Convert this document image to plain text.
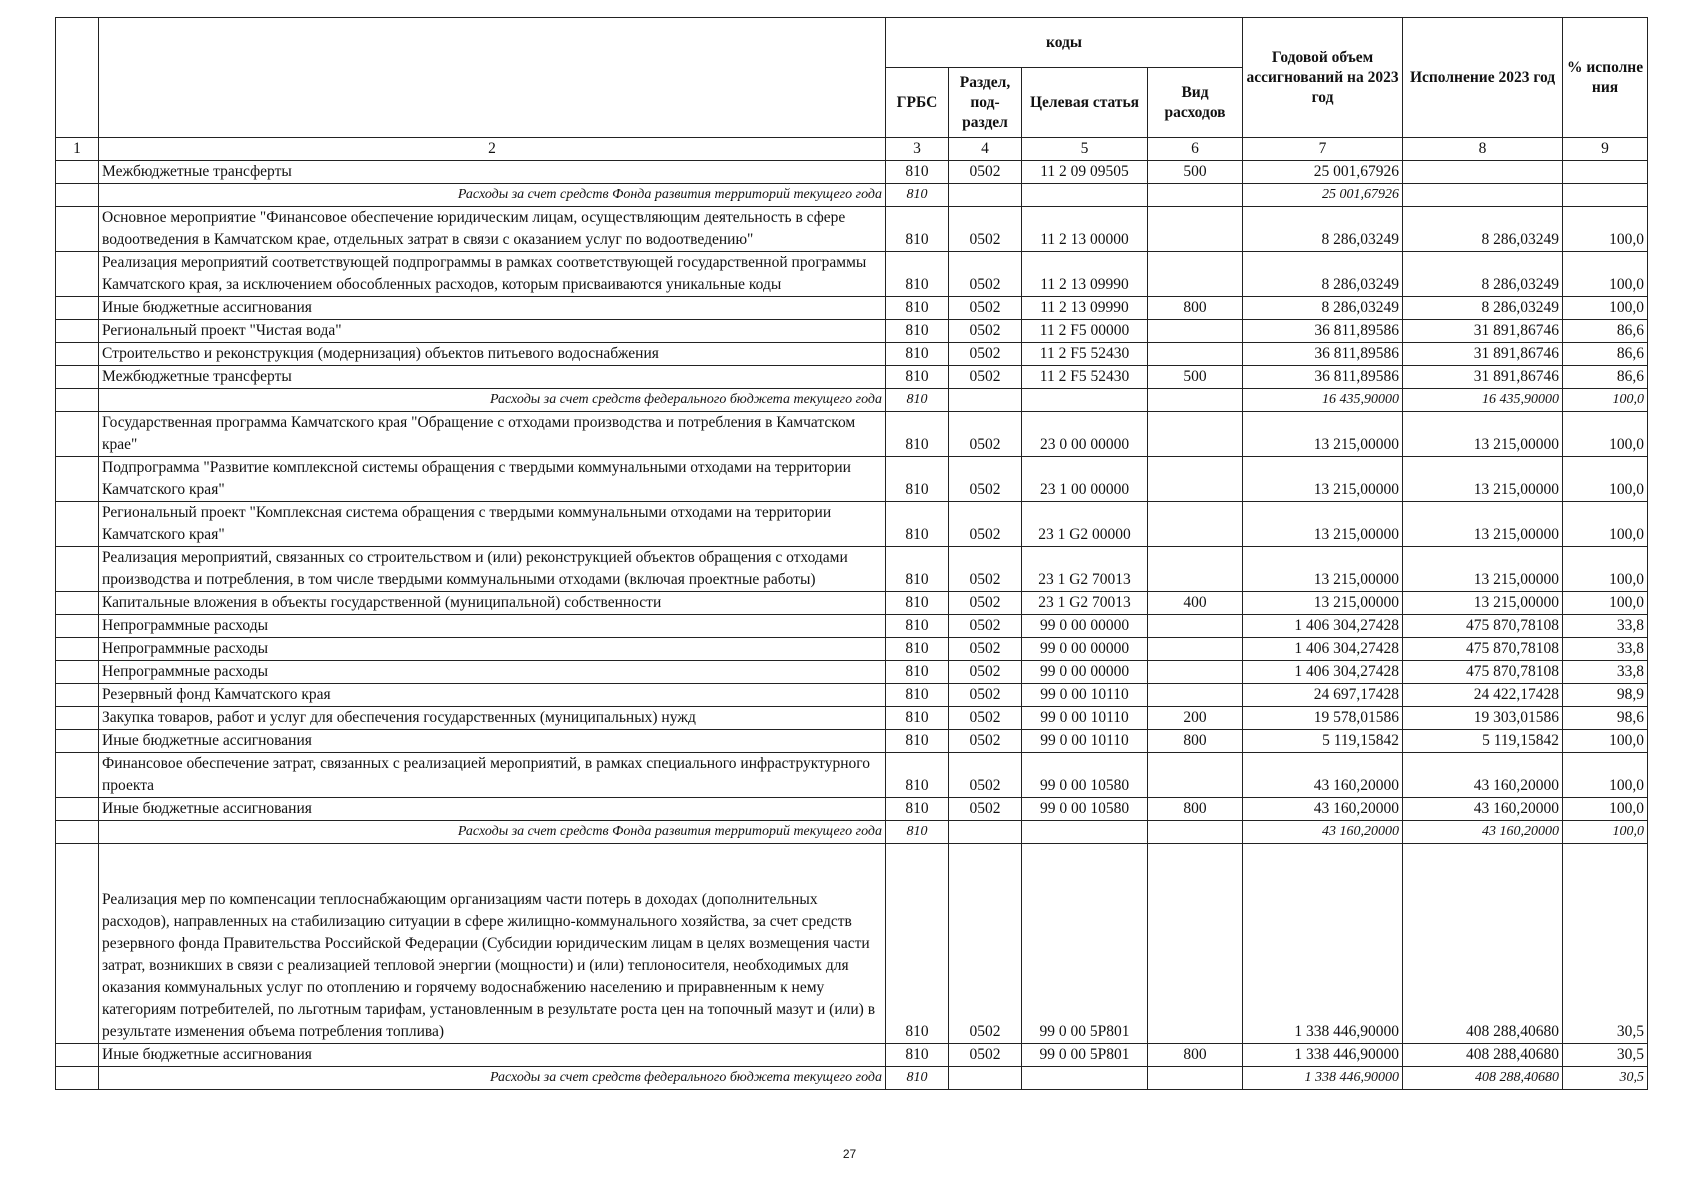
		коды				Годовой объем ассигнований на 2023 год	Исполнение 2023 год	% исполне ния
		ГРБС	Раздел, под-раздел	Целевая статья	Вид расходов			
1	2	3	4	5	6	7	8	9
	Межбюджетные трансферты	810	0502	11 2 09 09505	500	25 001,67926		
	Расходы за счет средств Фонда развития территорий текущего года	810				25 001,67926		
	Основное мероприятие "Финансовое обеспечение юридическим лицам, осуществляющим деятельность в сфере водоотведения в Камчатском крае, отдельных затрат в связи с оказанием услуг по водоотведению"	810	0502	11 2 13 00000		8 286,03249	8 286,03249	100,0
	Реализация мероприятий соответствующей подпрограммы в рамках соответствующей государственной программы Камчатского края, за исключением обособленных расходов, которым присваиваются уникальные коды	810	0502	11 2 13 09990		8 286,03249	8 286,03249	100,0
	Иные бюджетные ассигнования	810	0502	11 2 13 09990	800	8 286,03249	8 286,03249	100,0
	Региональный проект "Чистая вода"	810	0502	11 2 F5 00000		36 811,89586	31 891,86746	86,6
	Строительство и реконструкция (модернизация) объектов питьевого водоснабжения	810	0502	11 2 F5 52430		36 811,89586	31 891,86746	86,6
	Межбюджетные трансферты	810	0502	11 2 F5 52430	500	36 811,89586	31 891,86746	86,6
	Расходы за счет средств федерального бюджета текущего года	810				16 435,90000	16 435,90000	100,0
	Государственная программа Камчатского края "Обращение с отходами производства и потребления в Камчатском крае"	810	0502	23 0 00 00000		13 215,00000	13 215,00000	100,0
	Подпрограмма "Развитие комплексной системы обращения с твердыми коммунальными отходами на территории Камчатского края"	810	0502	23 1 00 00000		13 215,00000	13 215,00000	100,0
	Региональный проект "Комплексная система обращения с твердыми коммунальными отходами на территории Камчатского края"	810	0502	23 1 G2 00000		13 215,00000	13 215,00000	100,0
	Реализация мероприятий, связанных со строительством и (или) реконструкцией объектов обращения с отходами производства и потребления, в том числе твердыми коммунальными отходами (включая проектные работы)	810	0502	23 1 G2 70013		13 215,00000	13 215,00000	100,0
	Капитальные вложения в объекты государственной (муниципальной) собственности	810	0502	23 1 G2 70013	400	13 215,00000	13 215,00000	100,0
	Непрограммные расходы	810	0502	99 0 00 00000		1 406 304,27428	475 870,78108	33,8
	Непрограммные расходы	810	0502	99 0 00 00000		1 406 304,27428	475 870,78108	33,8
	Непрограммные расходы	810	0502	99 0 00 00000		1 406 304,27428	475 870,78108	33,8
	Резервный фонд Камчатского края	810	0502	99 0 00 10110		24 697,17428	24 422,17428	98,9
	Закупка товаров, работ и услуг для обеспечения государственных (муниципальных) нужд	810	0502	99 0 00 10110	200	19 578,01586	19 303,01586	98,6
	Иные бюджетные ассигнования	810	0502	99 0 00 10110	800	5 119,15842	5 119,15842	100,0
	Финансовое обеспечение затрат, связанных с реализацией мероприятий, в рамках специального инфраструктурного проекта	810	0502	99 0 00 10580		43 160,20000	43 160,20000	100,0
	Иные бюджетные ассигнования	810	0502	99 0 00 10580	800	43 160,20000	43 160,20000	100,0
	Расходы за счет средств Фонда развития территорий текущего года	810				43 160,20000	43 160,20000	100,0
	Реализация мер по компенсации теплоснабжающим организациям части потерь в доходах (дополнительных расходов), направленных на стабилизацию ситуации в сфере жилищно-коммунального хозяйства, за счет средств резервного фонда Правительства Российской Федерации (Субсидии юридическим лицам в целях возмещения части затрат, возникших в связи с реализацией тепловой энергии (мощности) и (или) теплоносителя, необходимых для оказания коммунальных услуг по отоплению и горячему водоснабжению населению и приравненным к нему категориям потребителей, по льготным тарифам, установленным в результате роста цен на топочный мазут и (или) в результате изменения объема потребления топлива)	810	0502	99 0 00 5P801		1 338 446,90000	408 288,40680	30,5
	Иные бюджетные ассигнования	810	0502	99 0 00 5P801	800	1 338 446,90000	408 288,40680	30,5
	Расходы за счет средств федерального бюджета текущего года	810				1 338 446,90000	408 288,40680	30,5
27
